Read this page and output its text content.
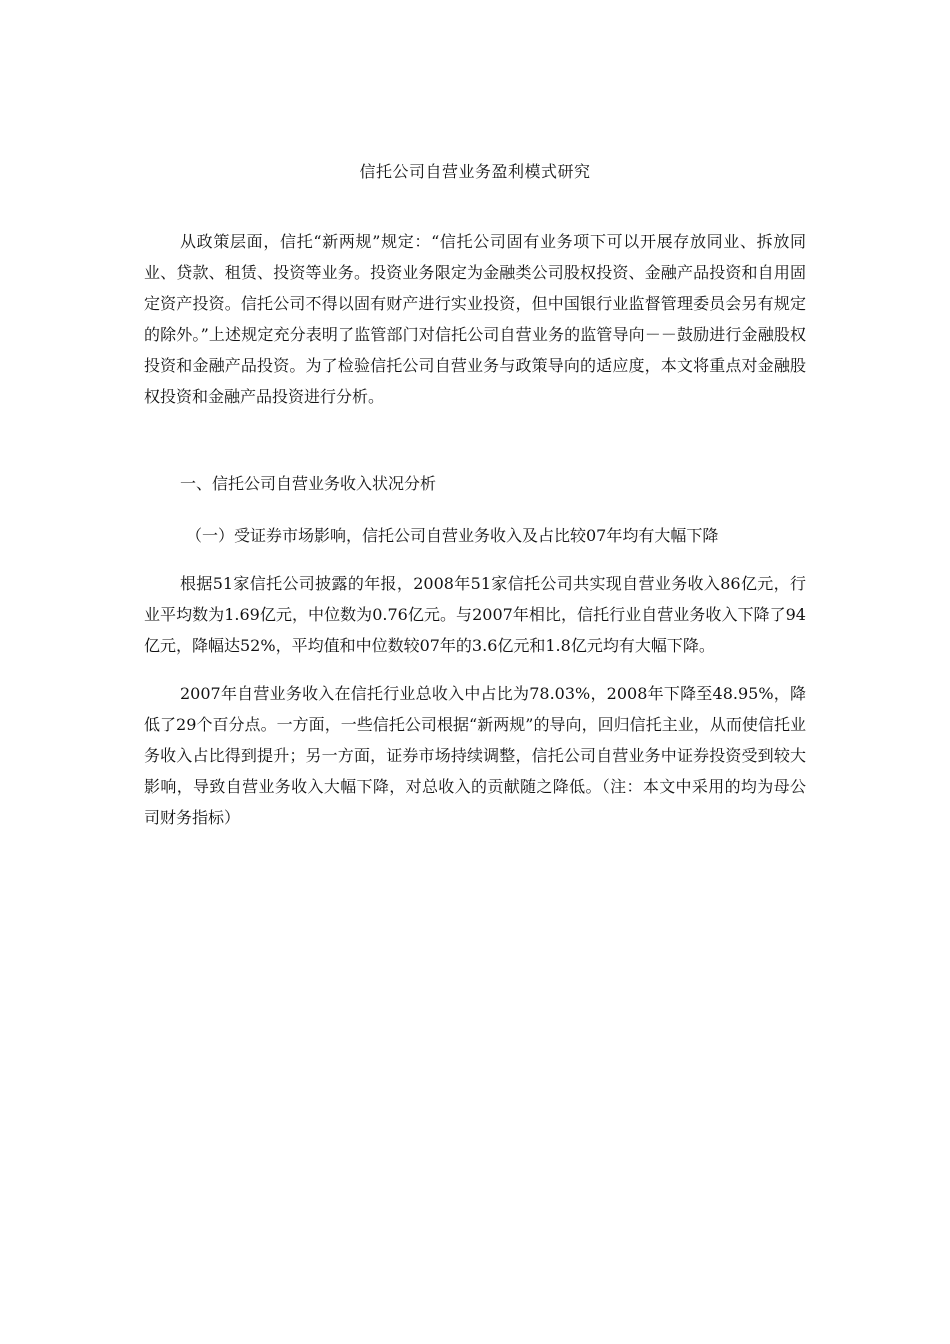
信托公司自营业务盈利模式研究

从政策层面，信托“新两规”规定：“信托公司固有业务项下可以开展存放同业、拆放同业、贷款、租赁、投资等业务。投资业务限定为金融类公司股权投资、金融产品投资和自用固定资产投资。信托公司不得以固有财产进行实业投资，但中国银行业监督管理委员会另有规定的除外。”上述规定充分表明了监管部门对信托公司自营业务的监管导向－－鼓励进行金融股权投资和金融产品投资。为了检验信托公司自营业务与政策导向的适应度，本文将重点对金融股权投资和金融产品投资进行分析。

一、信托公司自营业务收入状况分析

（一）受证券市场影响，信托公司自营业务收入及占比较07年均有大幅下降

根据51家信托公司披露的年报，2008年51家信托公司共实现自营业务收入86亿元，行业平均数为1.69亿元，中位数为0.76亿元。与2007年相比，信托行业自营业务收入下降了94亿元，降幅达52%，平均值和中位数较07年的3.6亿元和1.8亿元均有大幅下降。

2007年自营业务收入在信托行业总收入中占比为78.03%，2008年下降至48.95%，降低了29个百分点。一方面，一些信托公司根据“新两规”的导向，回归信托主业，从而使信托业务收入占比得到提升；另一方面，证券市场持续调整，信托公司自营业务中证券投资受到较大影响，导致自营业务收入大幅下降，对总收入的贡献随之降低。（注：本文中采用的均为母公司财务指标）
